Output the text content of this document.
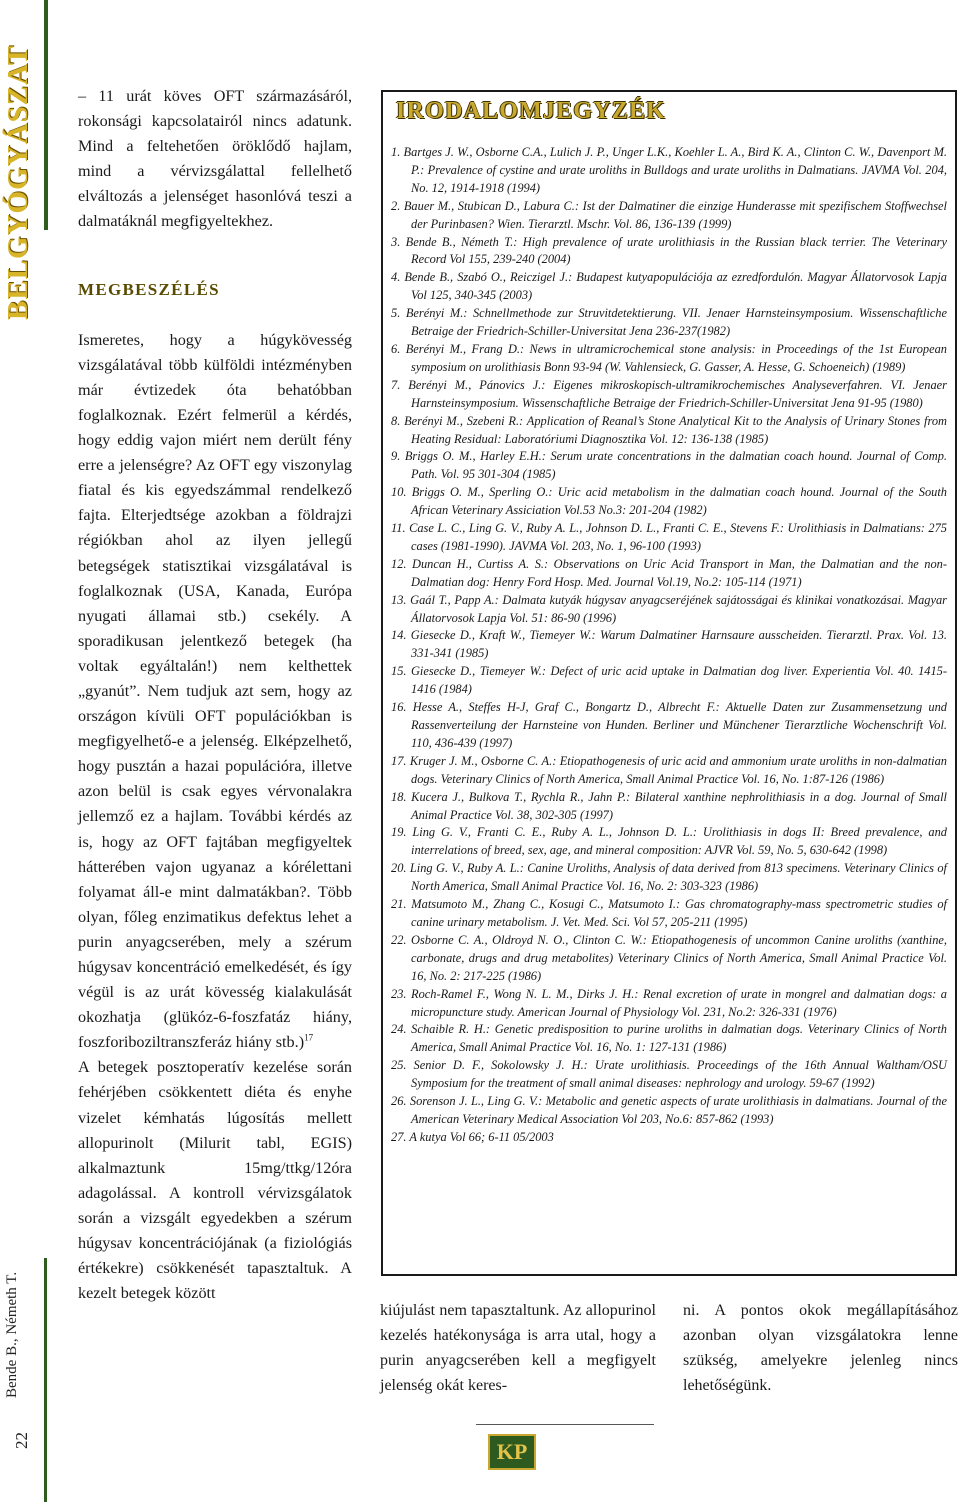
BELGYÓGYÁSZAT
Bende B., Németh T.
22

– 11 urát köves OFT származásáról, rokonsági kapcsolatairól nincs adatunk. Mind a feltehetően öröklődő hajlam, mind a vérvizsgálattal fellelhető elváltozás a jelenséget hasonlóvá teszi a dalmatáknál megfigyeltekhez.

MEGBESZÉLÉS

Ismeretes, hogy a húgykövesség vizsgálatával több külföldi intézményben már évtizedek óta behatóbban foglalkoznak. Ezért felmerül a kérdés, hogy eddig vajon miért nem derült fény erre a jelenségre? Az OFT egy viszonylag fiatal és kis egyedszámmal rendelkező fajta. Elterjedtsége azokban a földrajzi régiókban ahol az ilyen jellegű betegségek statisztikai vizsgálatával is foglalkoznak (USA, Kanada, Európa nyugati államai stb.) csekély. A sporadikusan jelentkező betegek (ha voltak egyáltalán!) nem kelthettek „gyanút”. Nem tudjuk azt sem, hogy az országon kívüli OFT populációkban is megfigyelhető-e a jelenség. Elképzelhető, hogy pusztán a hazai populációra, illetve azon belül is csak egyes vérvonalakra jellemző ez a hajlam. További kérdés az is, hogy az OFT fajtában megfigyeltek hátterében vajon ugyanaz a kórélettani folyamat áll-e mint dalmatákban?. Több olyan, főleg enzimatikus defektus lehet a purin anyagcserében, mely a szérum húgysav koncentráció emelkedését, és így végül is az urát kövesség kialakulását okozhatja (glükóz-6-foszfatáz hiány, foszforiboziltranszferáz hiány stb.)$^{17}$

A betegek posztoperatív kezelése során fehérjében csökkentett diéta és enyhe vizelet kémhatás lúgosítás mellett allopurinolt (Milurit tabl, EGIS) alkalmaztunk 15mg/ttkg/12óra adagolással. A kontroll vérvizsgálatok során a vizsgált egyedekben a szérum húgysav koncentrációjának (a fiziológiás értékekre) csökkenését tapasztaltuk. A kezelt betegek között

IRODALOMJEGYZÉK
1. Bartges J. W., Osborne C.A., Lulich J. P., Unger L.K., Koehler L. A., Bird K. A., Clinton C. W., Davenport M. P.: Prevalence of cystine and urate uroliths in Bulldogs and urate uroliths in Dalmatians. JAVMA Vol. 204, No. 12, 1914-1918 (1994)
2. Bauer M., Stubican D., Labura C.: Ist der Dalmatiner die einzige Hunderasse mit spezifischem Stoffwechsel der Purinbasen? Wien. Tierarztl. Mschr. Vol. 86, 136-139 (1999)
3. Bende B., Németh T.: High prevalence of urate urolithiasis in the Russian black terrier. The Veterinary Record Vol 155, 239-240 (2004)
4. Bende B., Szabó O., Reiczigel J.: Budapest kutyapopulációja az ezredfordulón. Magyar Állatorvosok Lapja Vol 125, 340-345 (2003)
5. Berényi M.: Schnellmethode zur Struvitdetektierung. VII. Jenaer Harnsteinsymposium. Wissenschaftliche Betraige der Friedrich-Schiller-Universitat Jena 236-237(1982)
6. Berényi M., Frang D.: News in ultramicrochemical stone analysis: in Proceedings of the 1st European symposium on urolithiasis Bonn 93-94 (W. Vahlensieck, G. Gasser, A. Hesse, G. Schoeneich) (1989)
7. Berényi M., Pánovics J.: Eigenes mikroskopisch-ultramikrochemisches Analyseverfahren. VI. Jenaer Harnsteinsymposium. Wissenschaftliche Betraige der Friedrich-Schiller-Universitat Jena 91-95 (1980)
8. Berényi M., Szebeni R.: Application of Reanal’s Stone Analytical Kit to the Analysis of Urinary Stones from Heating Residual: Laboratóriumi Diagnosztika Vol. 12: 136-138 (1985)
9. Briggs O. M., Harley E.H.: Serum urate concentrations in the dalmatian coach hound. Journal of Comp. Path. Vol. 95 301-304 (1985)
10. Briggs O. M., Sperling O.: Uric acid metabolism in the dalmatian coach hound. Journal of the South African Veterinary Assiciation Vol.53 No.3: 201-204 (1982)
11. Case L. C., Ling G. V., Ruby A. L., Johnson D. L., Franti C. E., Stevens F.: Urolithiasis in Dalmatians: 275 cases (1981-1990). JAVMA Vol. 203, No. 1, 96-100 (1993)
12. Duncan H., Curtiss A. S.: Observations on Uric Acid Transport in Man, the Dalmatian and the non-Dalmatian dog: Henry Ford Hosp. Med. Journal Vol.19, No.2: 105-114 (1971)
13. Gaál T., Papp A.: Dalmata kutyák húgysav anyagcseréjének sajátosságai és klinikai vonatkozásai. Magyar Állatorvosok Lapja Vol. 51: 86-90 (1996)
14. Giesecke D., Kraft W., Tiemeyer W.: Warum Dalmatiner Harnsaure ausscheiden. Tierarztl. Prax. Vol. 13. 331-341 (1985)
15. Giesecke D., Tiemeyer W.: Defect of uric acid uptake in Dalmatian dog liver. Experientia Vol. 40. 1415-1416 (1984)
16. Hesse A., Steffes H-J, Graf C., Bongartz D., Albrecht F.: Aktuelle Daten zur Zusammensetzung und Rassenverteilung der Harnsteine von Hunden. Berliner und Münchener Tierarztliche Wochenschrift Vol. 110, 436-439 (1997)
17. Kruger J. M., Osborne C. A.: Etiopathogenesis of uric acid and ammonium urate uroliths in non-dalmatian dogs. Veterinary Clinics of North America, Small Animal Practice Vol. 16, No. 1:87-126 (1986)
18. Kucera J., Bulkova T., Rychla R., Jahn P.: Bilateral xanthine nephrolithiasis in a dog. Journal of Small Animal Practice Vol. 38, 302-305 (1997)
19. Ling G. V., Franti C. E., Ruby A. L., Johnson D. L.: Urolithiasis in dogs II: Breed prevalence, and interrelations of breed, sex, age, and mineral composition: AJVR Vol. 59, No. 5, 630-642 (1998)
20. Ling G. V., Ruby A. L.: Canine Uroliths, Analysis of data derived from 813 specimens. Veterinary Clinics of North America, Small Animal Practice Vol. 16, No. 2: 303-323 (1986)
21. Matsumoto M., Zhang C., Kosugi C., Matsumoto I.: Gas chromatography-mass spectrometric studies of canine urinary metabolism. J. Vet. Med. Sci. Vol 57, 205-211 (1995)
22. Osborne C. A., Oldroyd N. O., Clinton C. W.: Etiopathogenesis of uncommon Canine uroliths (xanthine, carbonate, drugs and drug metabolites) Veterinary Clinics of North America, Small Animal Practice Vol. 16, No. 2: 217-225 (1986)
23. Roch-Ramel F., Wong N. L. M., Dirks J. H.: Renal excretion of urate in mongrel and dalmatian dogs: a micropuncture study. American Journal of Physiology Vol. 231, No.2: 326-331 (1976)
24. Schaible R. H.: Genetic predisposition to purine uroliths in dalmatian dogs. Veterinary Clinics of North America, Small Animal Practice Vol. 16, No. 1: 127-131 (1986)
25. Senior D. F., Sokolowsky J. H.: Urate urolithiasis. Proceedings of the 16th Annual Waltham/OSU Symposium for the treatment of small animal diseases: nephrology and urology. 59-67 (1992)
26. Sorenson J. L., Ling G. V.: Metabolic and genetic aspects of urate urolithiasis in dalmatians. Journal of the American Veterinary Medical Association Vol 203, No.6: 857-862 (1993)
27. A kutya Vol 66; 6-11 05/2003

kiújulást nem tapasztaltunk. Az allopurinol kezelés hatékonysága is arra utal, hogy a purin anyagcserében kell a megfigyelt jelenség okát keres-

ni. A pontos okok megállapításához azonban olyan vizsgálatokra lenne szükség, amelyekre jelenleg nincs lehetőségünk.

KP
